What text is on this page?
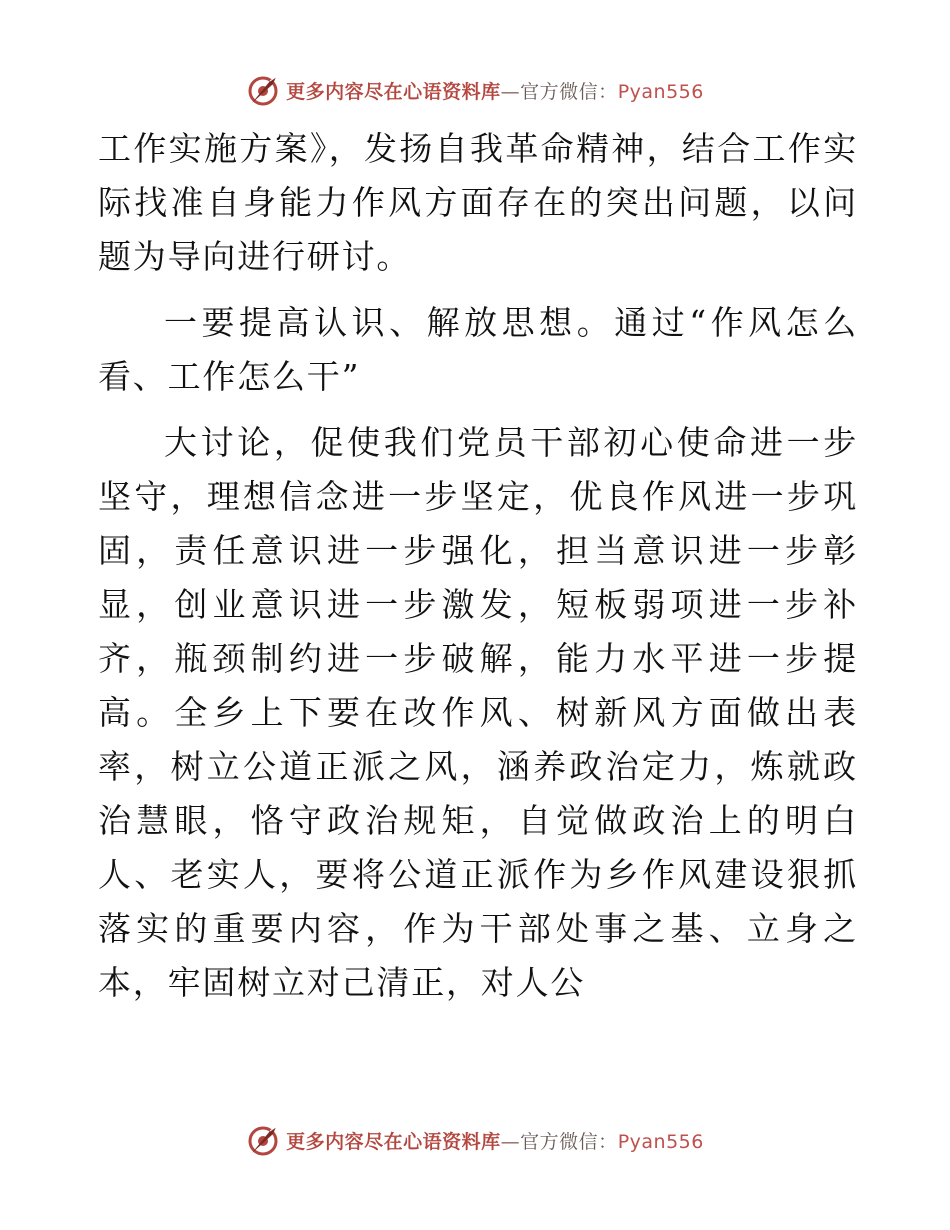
更多内容尽在心语资料库—官方微信：Pyan556

工作实施方案》，发扬自我革命精神，结合工作实际找准自身能力作风方面存在的突出问题，以问题为导向进行研讨。

一要提高认识、解放思想。通过“作风怎么看、工作怎么干”

大讨论，促使我们党员干部初心使命进一步坚守，理想信念进一步坚定，优良作风进一步巩固，责任意识进一步强化，担当意识进一步彰显，创业意识进一步激发，短板弱项进一步补齐，瓶颈制约进一步破解，能力水平进一步提高。全乡上下要在改作风、树新风方面做出表率，树立公道正派之风，涵养政治定力，炼就政治慧眼，恪守政治规矩，自觉做政治上的明白人、老实人，要将公道正派作为乡作风建设狠抓落实的重要内容，作为干部处事之基、立身之本，牢固树立对己清正，对人公

更多内容尽在心语资料库—官方微信：Pyan556
